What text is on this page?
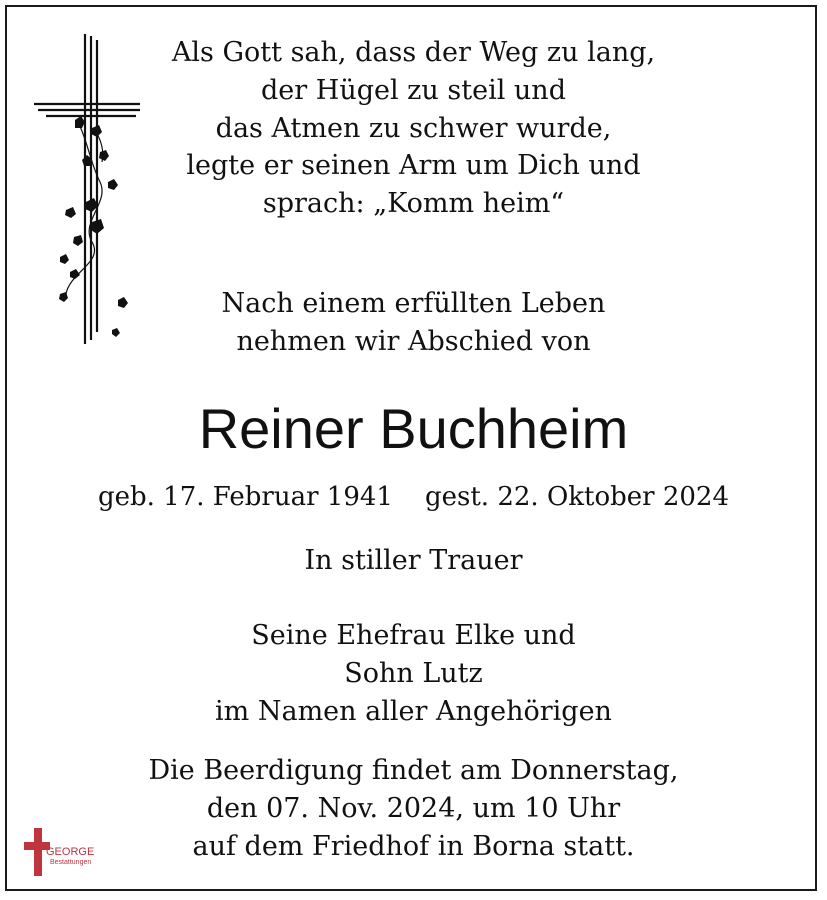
Als Gott sah, dass der Weg zu lang,
der Hügel zu steil und
das Atmen zu schwer wurde,
legte er seinen Arm um Dich und
sprach: „Komm heim“
Nach einem erfüllten Leben
nehmen wir Abschied von
Reiner Buchheim
geb. 17. Februar 1941 gest. 22. Oktober 2024
In stiller Trauer
Seine Ehefrau Elke und
Sohn Lutz
im Namen aller Angehörigen
Die Beerdigung findet am Donnerstag,
den 07. Nov. 2024, um 10 Uhr
auf dem Friedhof in Borna statt.
GEORGE
Bestattungen
